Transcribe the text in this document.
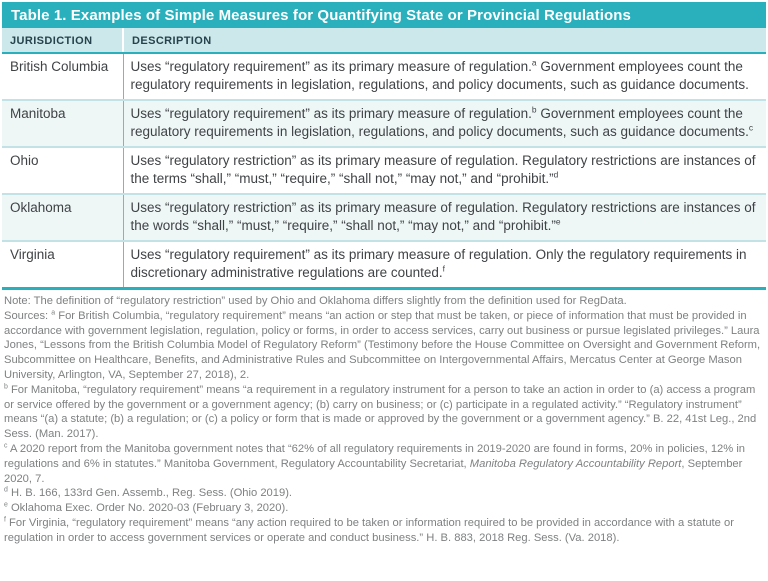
Table 1. Examples of Simple Measures for Quantifying State or Provincial Regulations
JURISDICTION	DESCRIPTION
British Columbia	Uses “regulatory requirement” as its primary measure of regulation.$^a$ Government employees count the regulatory requirements in legislation, regulations, and policy documents, such as guidance documents.
Manitoba	Uses “regulatory requirement” as its primary measure of regulation.$^b$ Government employees count the regulatory requirements in legislation, regulations, and policy documents, such as guidance documents.$^c$
Ohio	Uses “regulatory restriction” as its primary measure of regulation. Regulatory restrictions are instances of the terms “shall,” “must,” “require,” “shall not,” “may not,” and “prohibit.”$^d$
Oklahoma	Uses “regulatory restriction” as its primary measure of regulation. Regulatory restrictions are instances of the words “shall,” “must,” “require,” “shall not,” “may not,” and “prohibit.”$^e$
Virginia	Uses “regulatory requirement” as its primary measure of regulation. Only the regulatory requirements in discretionary administrative regulations are counted.$^f$

Note: The definition of “regulatory restriction” used by Ohio and Oklahoma differs slightly from the definition used for RegData.

Sources: $^a$ For British Columbia, “regulatory requirement” means “an action or step that must be taken, or piece of information that must be provided in accordance with government legislation, regulation, policy or forms, in order to access services, carry out business or pursue legislated privileges.” Laura Jones, “Lessons from the British Columbia Model of Regulatory Reform” (Testimony before the House Committee on Oversight and Government Reform, Subcommittee on Healthcare, Benefits, and Administrative Rules and Subcommittee on Intergovernmental Affairs, Mercatus Center at George Mason University, Arlington, VA, September 27, 2018), 2.

$^b$ For Manitoba, “regulatory requirement” means “a requirement in a regulatory instrument for a person to take an action in order to (a) access a program or service offered by the government or a government agency; (b) carry on business; or (c) participate in a regulated activity.” “Regulatory instrument” means “(a) a statute; (b) a regulation; or (c) a policy or form that is made or approved by the government or a government agency.” B. 22, 41st Leg., 2nd Sess. (Man. 2017).

$^c$ A 2020 report from the Manitoba government notes that “62% of all regulatory requirements in 2019-2020 are found in forms, 20% in policies, 12% in regulations and 6% in statutes.” Manitoba Government, Regulatory Accountability Secretariat, Manitoba Regulatory Accountability Report, September 2020, 7.

$^d$ H. B. 166, 133rd Gen. Assemb., Reg. Sess. (Ohio 2019).

$^e$ Oklahoma Exec. Order No. 2020-03 (February 3, 2020).

$^f$ For Virginia, “regulatory requirement” means “any action required to be taken or information required to be provided in accordance with a statute or regulation in order to access government services or operate and conduct business.” H. B. 883, 2018 Reg. Sess. (Va. 2018).
